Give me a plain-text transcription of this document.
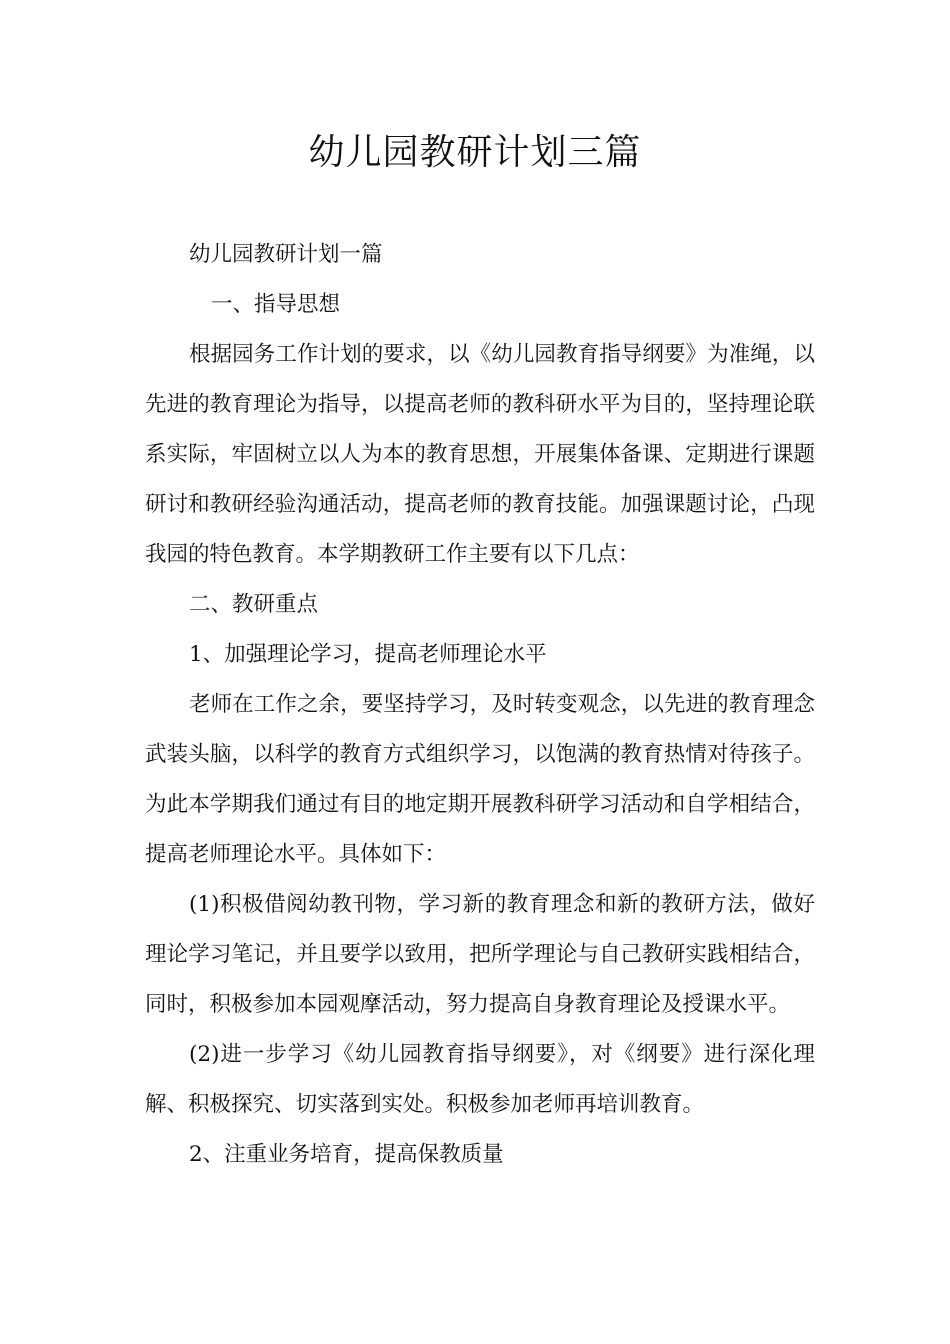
幼儿园教研计划三篇

幼儿园教研计划一篇

一、指导思想

根据园务工作计划的要求，以《幼儿园教育指导纲要》为准绳，以先进的教育理论为指导，以提高老师的教科研水平为目的，坚持理论联系实际，牢固树立以人为本的教育思想，开展集体备课、定期进行课题研讨和教研经验沟通活动，提高老师的教育技能。加强课题讨论，凸现我园的特色教育。本学期教研工作主要有以下几点：

二、教研重点

1、加强理论学习，提高老师理论水平

老师在工作之余，要坚持学习，及时转变观念，以先进的教育理念武装头脑，以科学的教育方式组织学习，以饱满的教育热情对待孩子。为此本学期我们通过有目的地定期开展教科研学习活动和自学相结合，提高老师理论水平。具体如下：

(1)积极借阅幼教刊物，学习新的教育理念和新的教研方法，做好理论学习笔记，并且要学以致用，把所学理论与自己教研实践相结合，同时，积极参加本园观摩活动，努力提高自身教育理论及授课水平。

(2)进一步学习《幼儿园教育指导纲要》，对《纲要》进行深化理解、积极探究、切实落到实处。积极参加老师再培训教育。

2、注重业务培育，提高保教质量
